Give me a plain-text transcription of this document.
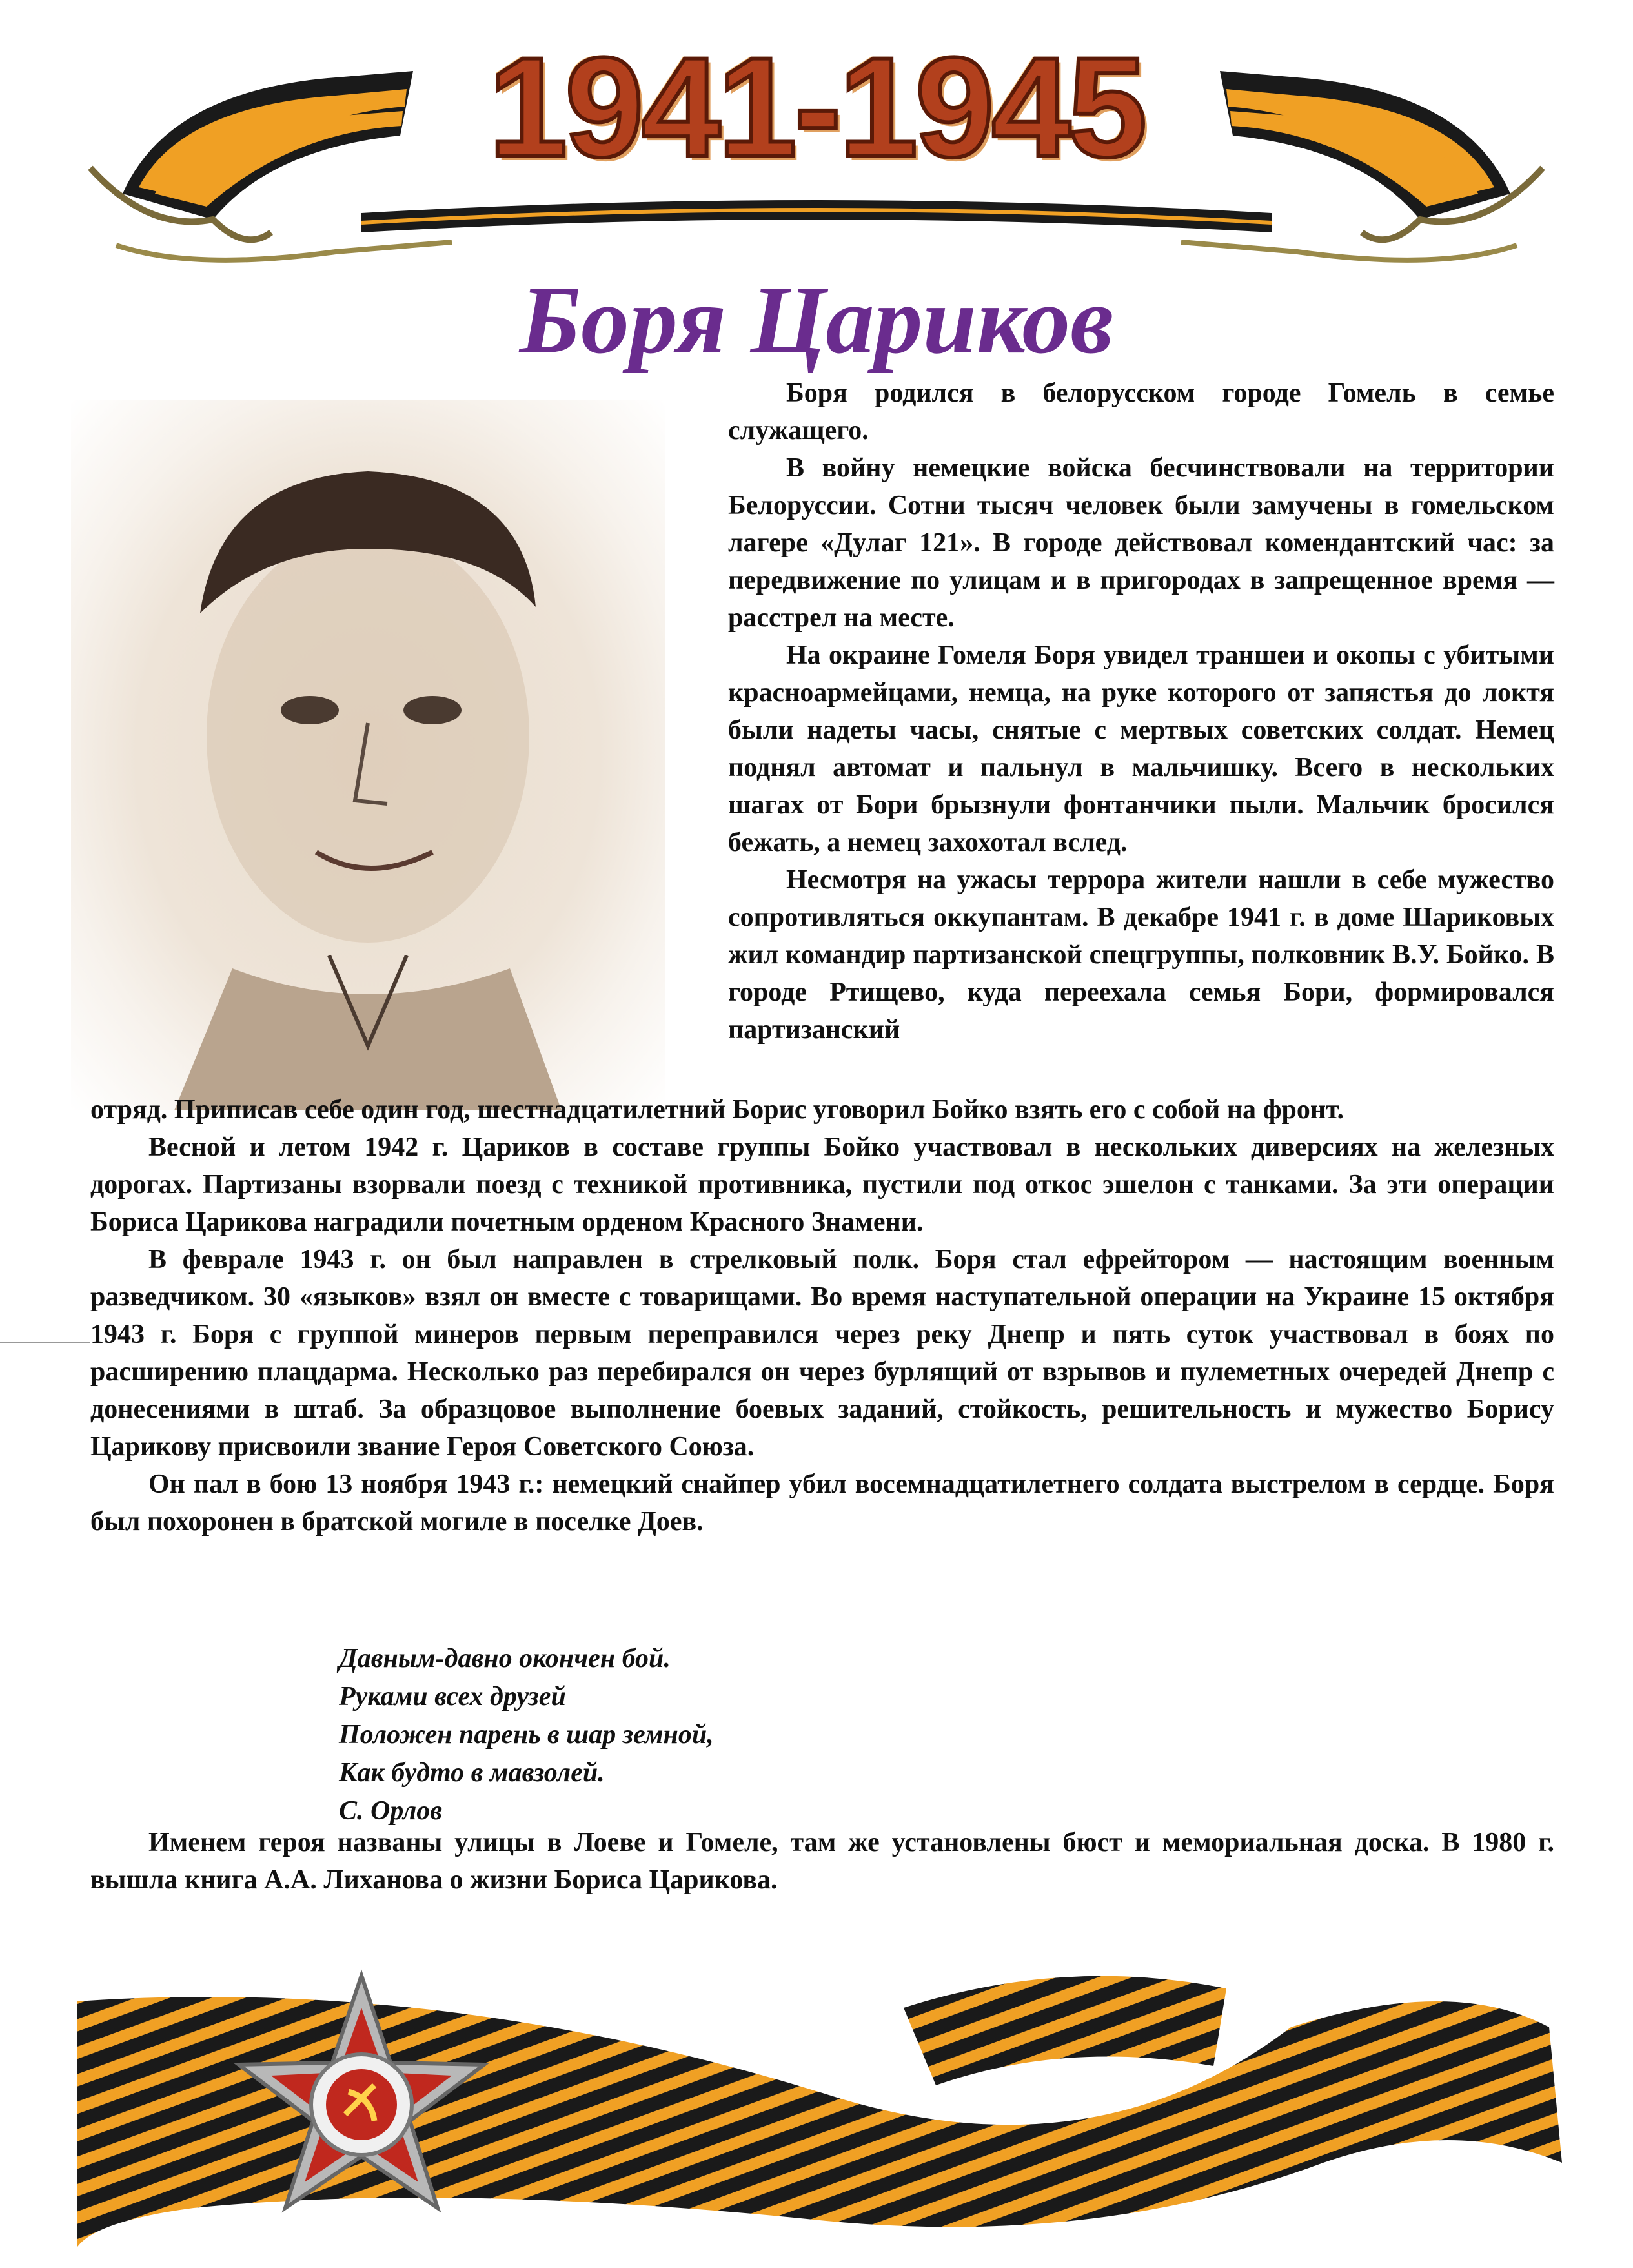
1941-1945
Боря Цариков

Боря родился в белорусском городе Гомель в семье служащего.

В войну немецкие войска бесчинствовали на территории Белоруссии. Сотни тысяч человек были замучены в гомельском лагере «Дулаг 121». В городе действовал комендантский час: за передвижение по улицам и в пригородах в запрещенное время — расстрел на месте.

На окраине Гомеля Боря увидел траншеи и окопы с убитыми красноармейцами, немца, на руке которого от запястья до локтя были надеты часы, снятые с мертвых советских солдат. Немец поднял автомат и пальнул в мальчишку. Всего в нескольких шагах от Бори брызнули фонтанчики пыли. Мальчик бросился бежать, а немец захохотал вслед.

Несмотря на ужасы террора жители нашли в себе мужество сопротивляться оккупантам. В декабре 1941 г. в доме Шариковых жил командир партизанской спецгруппы, полковник В.У. Бойко. В городе Ртищево, куда переехала семья Бори, формировался партизанский

отряд. Приписав себе один год, шестнадцатилетний Борис уговорил Бойко взять его с собой на фронт.

Весной и летом 1942 г. Цариков в составе группы Бойко участвовал в нескольких диверсиях на железных дорогах. Партизаны взорвали поезд с техникой противника, пустили под откос эшелон с танками. За эти операции Бориса Царикова наградили почетным орденом Красного Знамени.

В феврале 1943 г. он был направлен в стрелковый полк. Боря стал ефрейтором — настоящим военным разведчиком. 30 «языков» взял он вместе с товарищами. Во время наступательной операции на Украине 15 октября 1943 г. Боря с группой минеров первым переправился через реку Днепр и пять суток участвовал в боях по расширению плацдарма. Несколько раз перебирался он через бурлящий от взрывов и пулеметных очередей Днепр с донесениями в штаб. За образцовое выполнение боевых заданий, стойкость, решительность и мужество Борису Царикову присвоили звание Героя Советского Союза.

Он пал в бою 13 ноября 1943 г.: немецкий снайпер убил восемнадцатилетнего солдата выстрелом в сердце. Боря был похоронен в братской могиле в поселке Доев.

Давным-давно окончен бой.
Руками всех друзей
Положен парень в шар земной,
Как будто в мавзолей.
С. Орлов

Именем героя названы улицы в Лоеве и Гомеле, там же установлены бюст и мемориальная доска. В 1980 г. вышла книга А.А. Лиханова о жизни Бориса Царикова.
